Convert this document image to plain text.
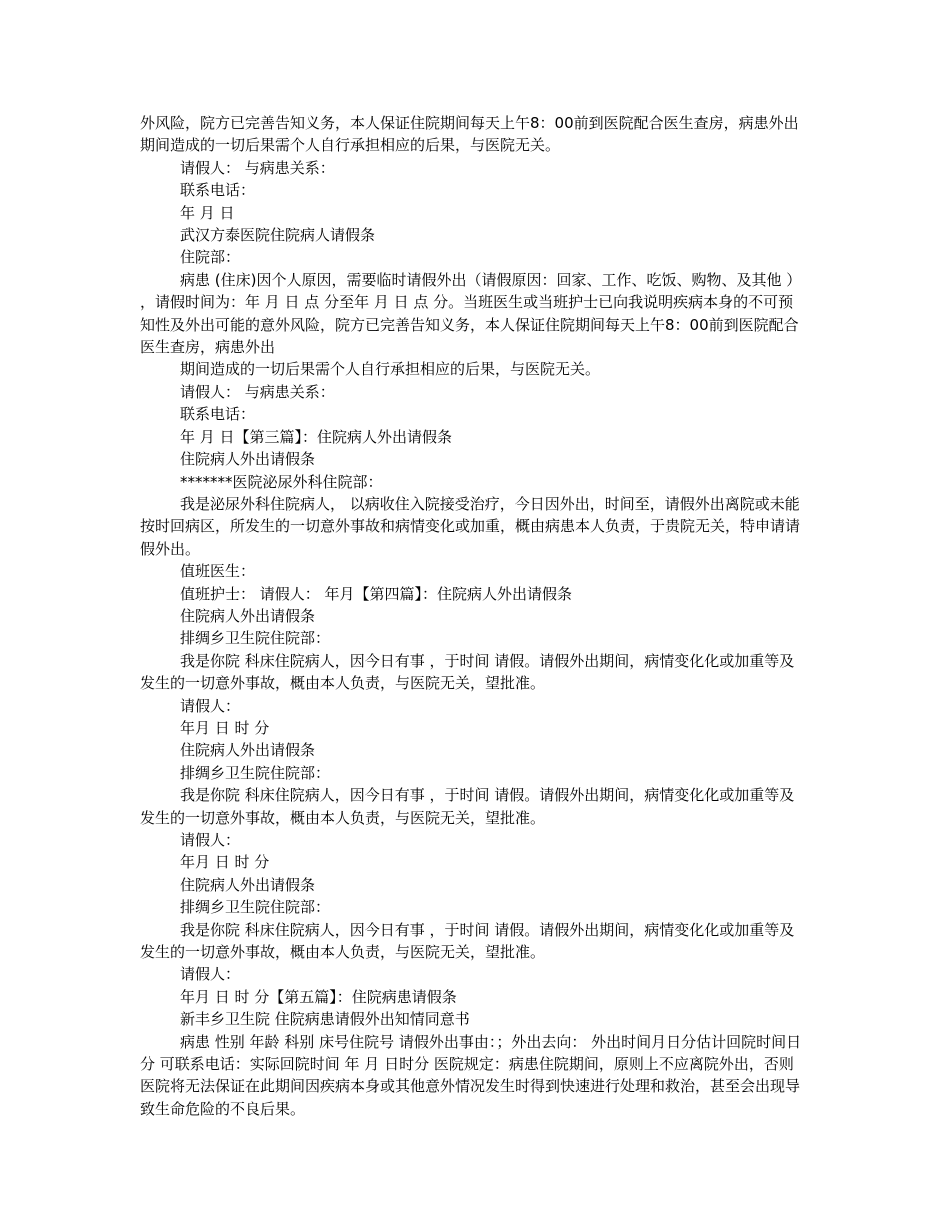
外风险，院方已完善告知义务，本人保证住院期间每天上午8：00前到医院配合医生查房，病患外出期间造成的一切后果需个人自行承担相应的后果，与医院无关。

请假人： 与病患关系：

联系电话：

年 月 日

武汉方泰医院住院病人请假条

住院部：

病患 (住床)因个人原因，需要临时请假外出（请假原因：回家、工作、吃饭、购物、及其他 ），请假时间为：年 月 日 点 分至年 月 日 点 分。当班医生或当班护士已向我说明疾病本身的不可预知性及外出可能的意外风险，院方已完善告知义务，本人保证住院期间每天上午8：00前到医院配合医生查房，病患外出

期间造成的一切后果需个人自行承担相应的后果，与医院无关。

请假人： 与病患关系：

联系电话：

年 月 日【第三篇】：住院病人外出请假条

住院病人外出请假条

*******医院泌尿外科住院部：

我是泌尿外科住院病人， 以病收住入院接受治疗，今日因外出，时间至，请假外出离院或未能按时回病区，所发生的一切意外事故和病情变化或加重，概由病患本人负责，于贵院无关，特申请请假外出。

值班医生：

值班护士： 请假人： 年月【第四篇】：住院病人外出请假条

住院病人外出请假条

排绸乡卫生院住院部：

我是你院 科床住院病人，因今日有事 ，于时间 请假。请假外出期间，病情变化化或加重等及发生的一切意外事故，概由本人负责，与医院无关，望批准。

请假人：

年月 日 时 分

住院病人外出请假条

排绸乡卫生院住院部：

我是你院 科床住院病人，因今日有事 ，于时间 请假。请假外出期间，病情变化化或加重等及发生的一切意外事故，概由本人负责，与医院无关，望批准。

请假人：

年月 日 时 分

住院病人外出请假条

排绸乡卫生院住院部：

我是你院 科床住院病人，因今日有事 ，于时间 请假。请假外出期间，病情变化化或加重等及发生的一切意外事故，概由本人负责，与医院无关，望批准。

请假人：

年月 日 时 分【第五篇】：住院病患请假条

新丰乡卫生院 住院病患请假外出知情同意书

病患 性别 年龄 科别 床号住院号 请假外出事由：；外出去向： 外出时间月日分估计回院时间日分 可联系电话：实际回院时间 年 月 日时分 医院规定：病患住院期间，原则上不应离院外出，否则医院将无法保证在此期间因疾病本身或其他意外情况发生时得到快速进行处理和救治，甚至会出现导致生命危险的不良后果。
